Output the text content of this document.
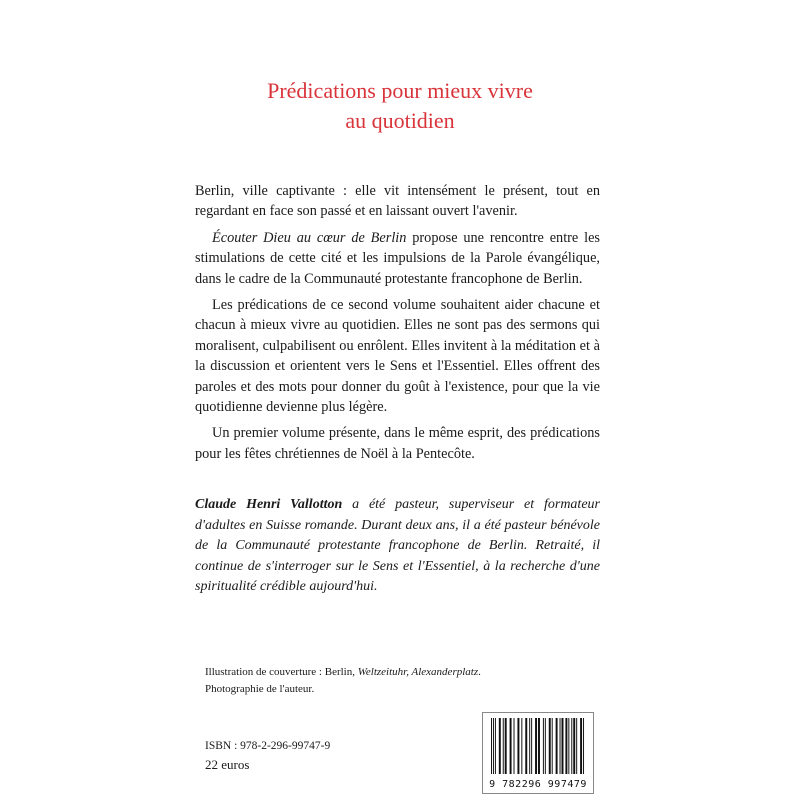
Prédications pour mieux vivre
au quotidien

Berlin, ville captivante : elle vit intensément le présent, tout en regardant en face son passé et en laissant ouvert l'avenir.

Écouter Dieu au cœur de Berlin propose une rencontre entre les stimulations de cette cité et les impulsions de la Parole évangélique, dans le cadre de la Communauté protestante francophone de Berlin.

Les prédications de ce second volume souhaitent aider chacune et chacun à mieux vivre au quotidien. Elles ne sont pas des sermons qui moralisent, culpabilisent ou enrôlent. Elles invitent à la méditation et à la discussion et orientent vers le Sens et l'Essentiel. Elles offrent des paroles et des mots pour donner du goût à l'existence, pour que la vie quotidienne devienne plus légère.

Un premier volume présente, dans le même esprit, des prédications pour les fêtes chrétiennes de Noël à la Pentecôte.

Claude Henri Vallotton a été pasteur, superviseur et formateur d'adultes en Suisse romande. Durant deux ans, il a été pasteur bénévole de la Communauté protestante francophone de Berlin. Retraité, il continue de s'interroger sur le Sens et l'Essentiel, à la recherche d'une spiritualité crédible aujourd'hui.
Illustration de couverture : Berlin, Weltzeituhr, Alexanderplatz.
Photographie de l'auteur.
ISBN : 978-2-296-99747-9
22 euros
9 782296 997479
